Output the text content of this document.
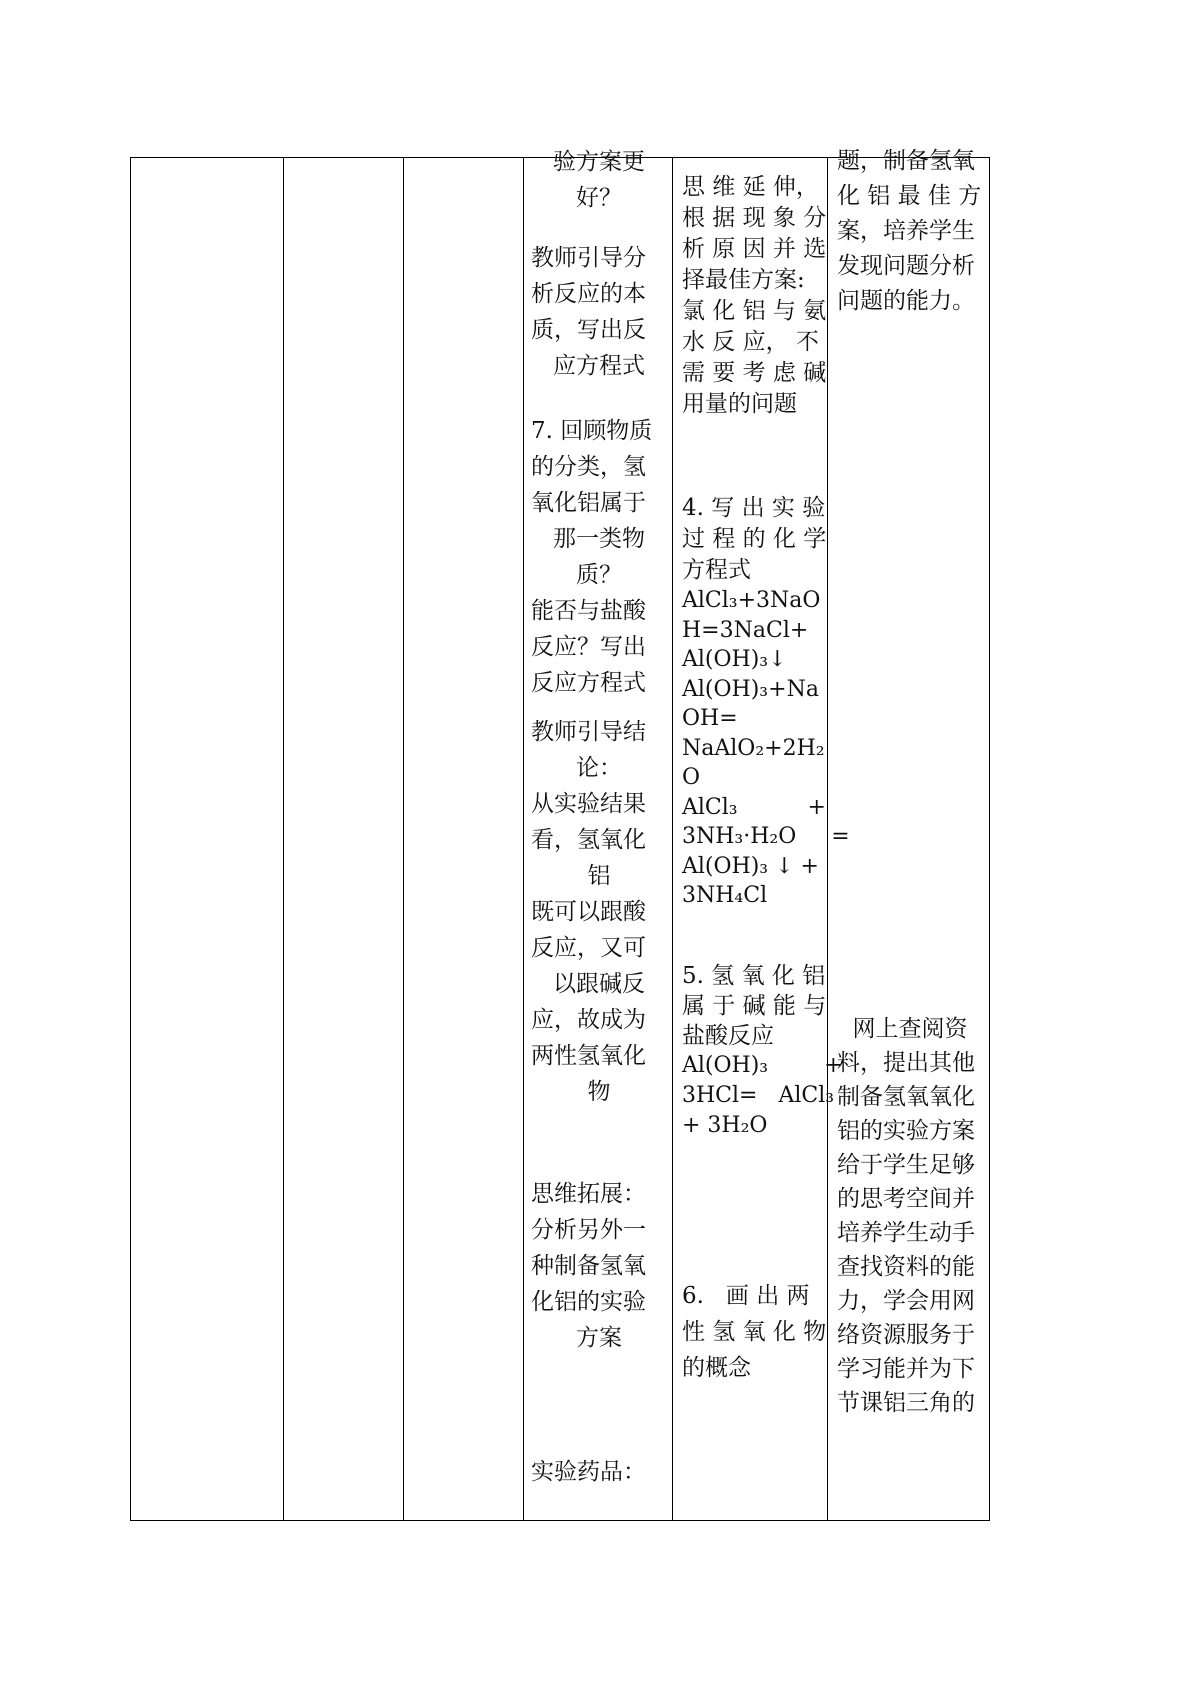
验方案更
好？
教师引导分
析反应的本
质，写出反
应方程式
7. 回顾物质
的分类，氢
氧化铝属于
那一类物
质？
能否与盐酸
反应？写出
反应方程式
教师引导结
论：
从实验结果
看，氢氧化
铝
既可以跟酸
反应，又可
以跟碱反
应，故成为
两性氢氧化
物
思维拓展：
分析另外一
种制备氢氧
化铝的实验
方案
实验药品：
思 维 延 伸，
根 据 现 象 分
析 原 因 并 选
择最佳方案:
氯 化 铝 与 氨
水 反 应， 不
需 要 考 虑 碱
用量的问题
4. 写 出 实 验
过 程 的 化 学
方程式
AlCl₃+3NaO
H=3NaCl+
Al(OH)₃↓
Al(OH)₃+Na
OH=
NaAlO₂+2H₂
O
AlCl₃          +
3NH₃·H₂O     =
Al(OH)₃ ↓ +
3NH₄Cl
5. 氢 氧 化 铝
属 于 碱 能 与
盐酸反应
Al(OH)₃        +
3HCl=   AlCl₃
+ 3H₂O
6.   画 出 两
性 氢 氧 化 物
的概念
题，制备氢氧
化 铝 最 佳 方
案，培养学生
发现问题分析
问题的能力。
网上查阅资
料，提出其他
制备氢氧氧化
铝的实验方案
给于学生足够
的思考空间并
培养学生动手
查找资料的能
力，学会用网
络资源服务于
学习能并为下
节课铝三角的
